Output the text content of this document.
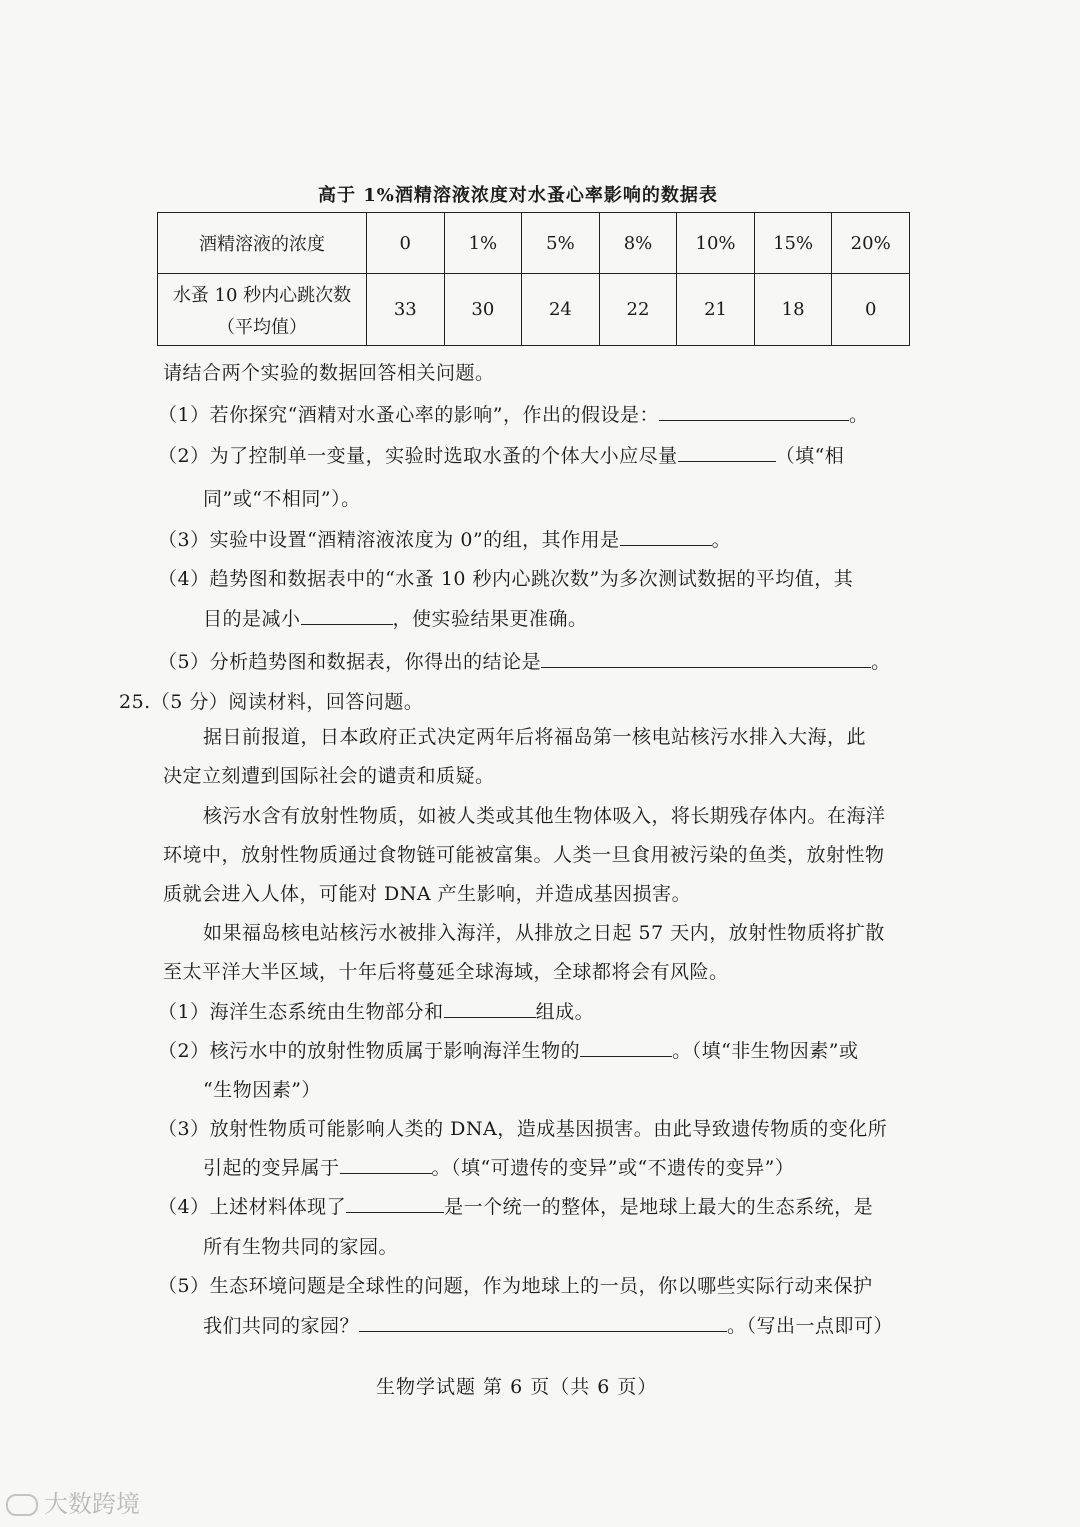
高于 1%酒精溶液浓度对水蚤心率影响的数据表
酒精溶液的浓度	0	1%	5%	8%	10%	15%	20%

水蚤 10 秒内心跳次数
（平均值）	33	30	24	22	21	18	0
请结合两个实验的数据回答相关问题。
（1）若你探究“酒精对水蚤心率的影响”，作出的假设是：	。
（2）为了控制单一变量，实验时选取水蚤的个体大小应尽量	（填“相
同”或“不相同”）。
（3）实验中设置“酒精溶液浓度为 0”的组，其作用是	。
（4）趋势图和数据表中的“水蚤 10 秒内心跳次数”为多次测试数据的平均值，其
目的是减小	，使实验结果更准确。
（5）分析趋势图和数据表，你得出的结论是	。
25.（5 分）阅读材料，回答问题。
据日前报道，日本政府正式决定两年后将福岛第一核电站核污水排入大海，此
决定立刻遭到国际社会的谴责和质疑。
核污水含有放射性物质，如被人类或其他生物体吸入，将长期残存体内。在海洋
环境中，放射性物质通过食物链可能被富集。人类一旦食用被污染的鱼类，放射性物
质就会进入人体，可能对 DNA 产生影响，并造成基因损害。
如果福岛核电站核污水被排入海洋，从排放之日起 57 天内，放射性物质将扩散
至太平洋大半区域，十年后将蔓延全球海域，全球都将会有风险。
（1）海洋生态系统由生物部分和	组成。
（2）核污水中的放射性物质属于影响海洋生物的	。（填“非生物因素”或
“生物因素”）
（3）放射性物质可能影响人类的 DNA，造成基因损害。由此导致遗传物质的变化所
引起的变异属于	。（填“可遗传的变异”或“不遗传的变异”）
（4）上述材料体现了	是一个统一的整体，是地球上最大的生态系统，是
所有生物共同的家园。
（5）生态环境问题是全球性的问题，作为地球上的一员，你以哪些实际行动来保护
我们共同的家园？	。（写出一点即可）
生物学试题 第 6 页（共 6 页）
大数跨境
